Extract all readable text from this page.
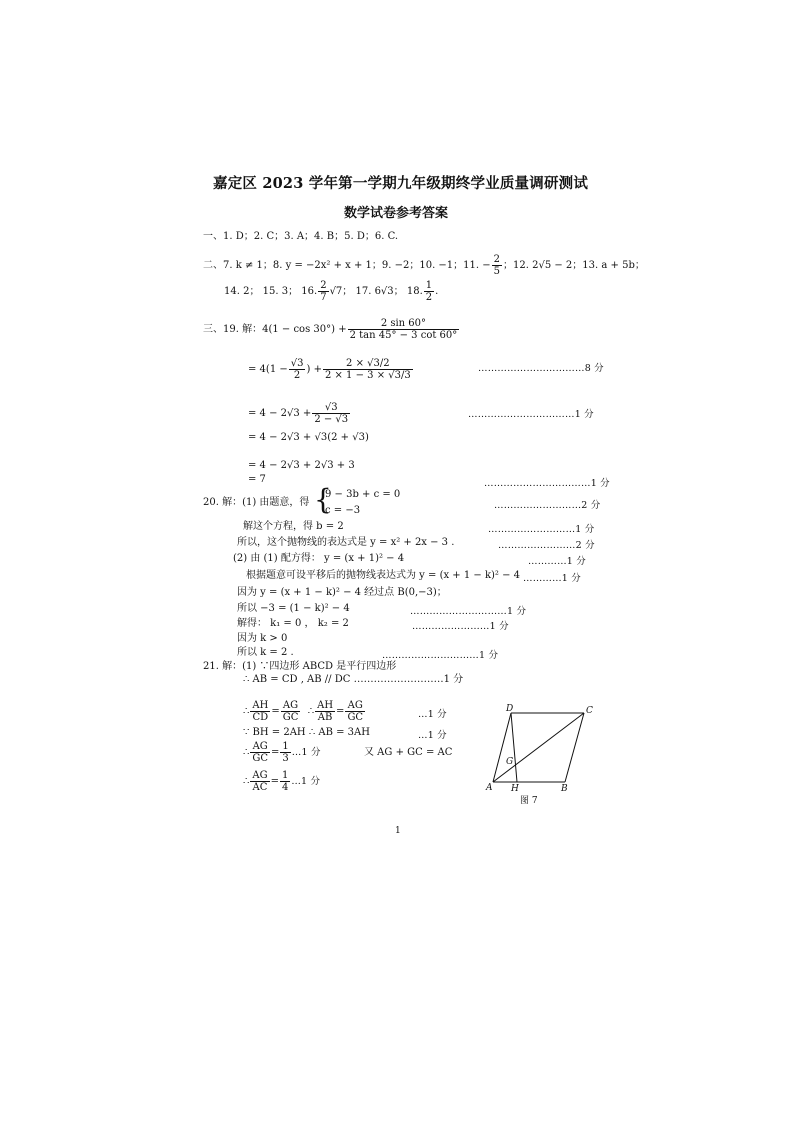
嘉定区 2023 学年第一学期九年级期终学业质量调研测试
数学试卷参考答案
一、1. D；2. C；3. A；4. B；5. D；6. C.
二、7. k ≠ 1；8. y = −2x² + x + 1；9. −2；10. −1；11. − $\frac{2}{5}$ ；12. 2√5 − 2；13. a + 5b；
14. 2； 15. 3； 16. $\frac{2}{7} √7$； 17. 6√3； 18. $\frac{1}{2}$ .
三、19. 解：$4(1 - \cos 30^\circ) + \frac{2 \sin 60^\circ}{2 \tan 45^\circ - 3 \cot 60^\circ}$
= $4(1 - \frac{√3}{2}$ ) + $\frac{2 \times √3/2}{2 \times 1 - 3 \times √3/3}$	……………………………8 分
= $4 - 2√3 + \frac{√3}{2 - √3}$	……………………………1 分
= 4 − 2√3 + √3(2 + √3)
= 4 − 2√3 + 2√3 + 3
= 7	……………………………1 分
20. 解：(1) 由题意，得 {
9 − 3b + c = 0
c = −3	………………………2 分
解这个方程，得 b = 2	………………………1 分
所以，这个抛物线的表达式是 y = x² + 2x − 3 .	……………………2 分
(2) 由 (1) 配方得： y = (x + 1)² − 4	…………1 分
根据题意可设平移后的抛物线表达式为 y = (x + 1 − k)² − 4 …………1 分
因为 y = (x + 1 − k)² − 4 经过点 B(0,−3)；
所以 −3 = (1 − k)² − 4	…………………………1 分
解得： k₁ = 0 ， k₂ = 2	……………………1 分
因为 k > 0
所以 k = 2 .	…………………………1 分
21. 解：(1) ∵四边形 ABCD 是平行四边形
∴ AB = CD , AB // DC ………………………1 分
∴ $\frac{AH}{CD} = \frac{AG}{GC}$ ∴ $\frac{AH}{AB} = \frac{AG}{GC}$	…1 分
∵ BH = 2AH ∴ AB = 3AH	…1 分
∴ $\frac{AG}{GC} = \frac{1}{3}$ …1 分	又 AG + GC = AC
∴ $\frac{AG}{AC} = \frac{1}{4}$ …1 分
D	C
G
A H	B
图 7
1
